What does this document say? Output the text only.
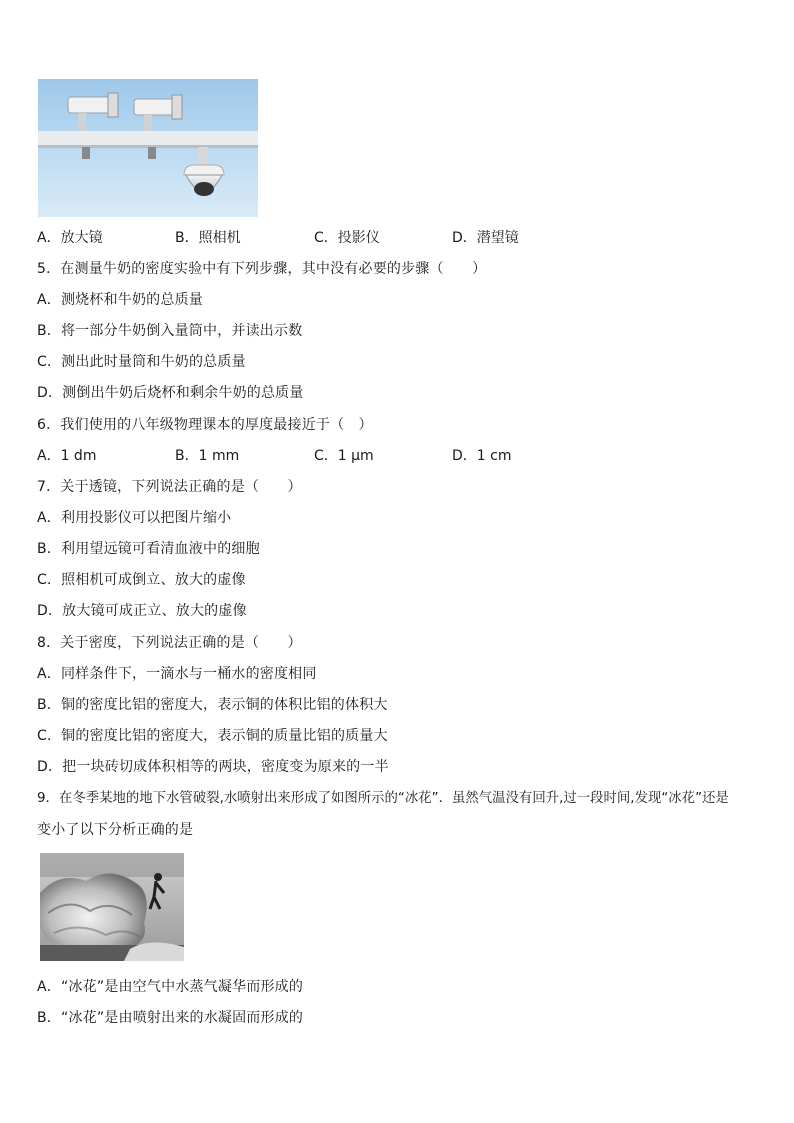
A．放大镜	B．照相机	C．投影仪	D．潜望镜
5．在测量牛奶的密度实验中有下列步骤，其中没有必要的步骤（　　）
A．测烧杯和牛奶的总质量
B．将一部分牛奶倒入量筒中，并读出示数
C．测出此时量筒和牛奶的总质量
D．测倒出牛奶后烧杯和剩余牛奶的总质量
6．我们使用的八年级物理课本的厚度最接近于（　）
A．1 dm	B．1 mm	C．1 μm	D．1 cm
7．关于透镜，下列说法正确的是（　　）
A．利用投影仪可以把图片缩小
B．利用望远镜可看清血液中的细胞
C．照相机可成倒立、放大的虚像
D．放大镜可成正立、放大的虚像
8．关于密度，下列说法正确的是（　　）
A．同样条件下，一滴水与一桶水的密度相同
B．铜的密度比铝的密度大，表示铜的体积比铝的体积大
C．铜的密度比铝的密度大，表示铜的质量比铝的质量大
D．把一块砖切成体积相等的两块，密度变为原来的一半
9．在冬季某地的地下水管破裂,水喷射出来形成了如图所示的“冰花”．虽然气温没有回升,过一段时间,发现“冰花”还是
变小了以下分析正确的是
A．“冰花”是由空气中水蒸气凝华而形成的
B．“冰花”是由喷射出来的水凝固而形成的
